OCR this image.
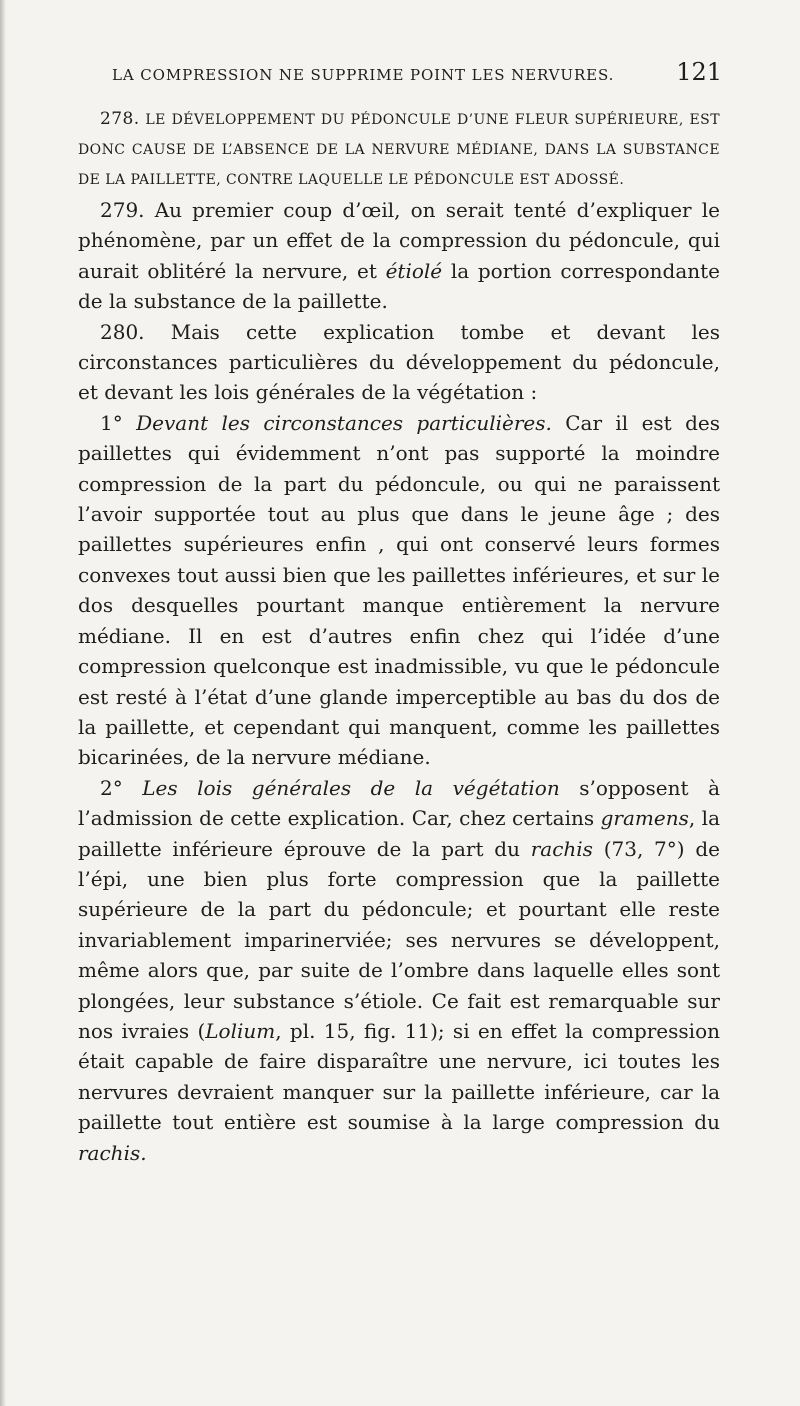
LA COMPRESSION NE SUPPRIME POINT LES NERVURES.	121

278. LE DÉVELOPPEMENT DU PÉDONCULE D’UNE FLEUR SUPÉRIEURE, EST DONC CAUSE DE L’ABSENCE DE LA NERVURE MÉDIANE, DANS LA SUBSTANCE DE LA PAILLETTE, CONTRE LAQUELLE LE PÉDONCULE EST ADOSSÉ.

279. Au premier coup d’œil, on serait tenté d’expliquer le phénomène, par un effet de la compression du pédoncule, qui aurait oblitéré la nervure, et étiolé la portion correspondante de la substance de la paillette.

280. Mais cette explication tombe et devant les circonstances particulières du développement du pédoncule, et devant les lois générales de la végétation :

1° Devant les circonstances particulières. Car il est des paillettes qui évidemment n’ont pas supporté la moindre compression de la part du pédoncule, ou qui ne paraissent l’avoir supportée tout au plus que dans le jeune âge ; des paillettes supérieures enfin , qui ont conservé leurs formes convexes tout aussi bien que les paillettes inférieures, et sur le dos desquelles pourtant manque entièrement la nervure médiane. Il en est d’autres enfin chez qui l’idée d’une compression quelconque est inadmissible, vu que le pédoncule est resté à l’état d’une glande imperceptible au bas du dos de la paillette, et cependant qui manquent, comme les paillettes bicarinées, de la nervure médiane.

2° Les lois générales de la végétation s’opposent à l’admission de cette explication. Car, chez certains gramens, la paillette inférieure éprouve de la part du rachis (73, 7°) de l’épi, une bien plus forte compression que la paillette supérieure de la part du pédoncule; et pourtant elle reste invariablement imparinerviée; ses nervures se développent, même alors que, par suite de l’ombre dans laquelle elles sont plongées, leur substance s’étiole. Ce fait est remarquable sur nos ivraies (Lolium, pl. 15, fig. 11); si en effet la compression était capable de faire disparaître une nervure, ici toutes les nervures devraient manquer sur la paillette inférieure, car la paillette tout entière est soumise à la large compression du rachis.
